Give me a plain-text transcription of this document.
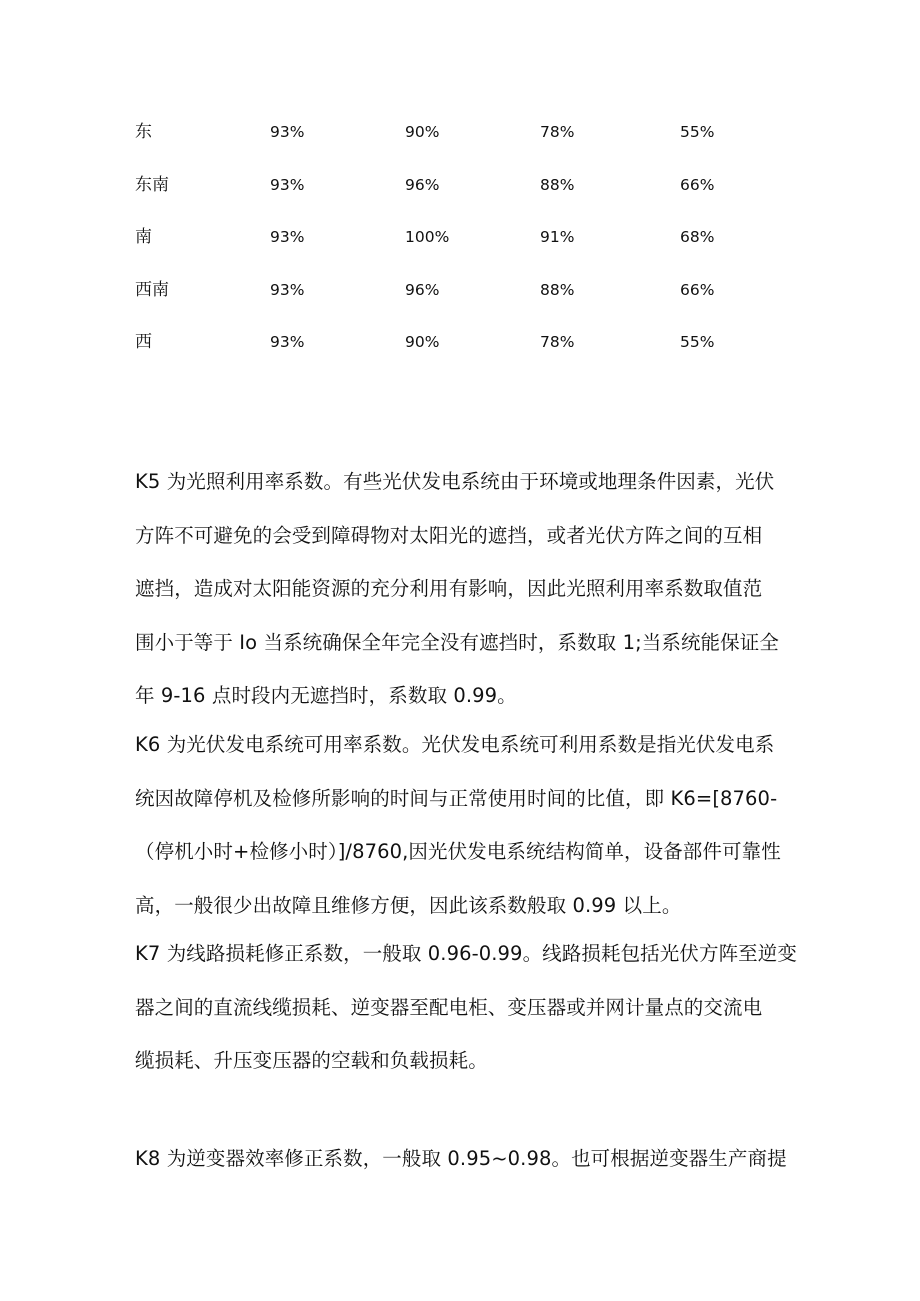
东	93%	90%	78%	55%
东南	93%	96%	88%	66%
南	93%	100%	91%	68%
西南	93%	96%	88%	66%
西	93%	90%	78%	55%
K5 为光照利用率系数。有些光伏发电系统由于环境或地理条件因素，光伏
方阵不可避免的会受到障碍物对太阳光的遮挡，或者光伏方阵之间的互相
遮挡，造成对太阳能资源的充分利用有影响，因此光照利用率系数取值范
围小于等于 Io 当系统确保全年完全没有遮挡时，系数取 1;当系统能保证全
年 9-16 点时段内无遮挡时，系数取 0.99。
K6 为光伏发电系统可用率系数。光伏发电系统可利用系数是指光伏发电系
统因故障停机及检修所影响的时间与正常使用时间的比值，即 K6=[8760-
（停机小时+检修小时）]/8760,因光伏发电系统结构简单，设备部件可靠性
高，一般很少出故障且维修方便，因此该系数般取 0.99 以上。
K7 为线路损耗修正系数，一般取 0.96-0.99。线路损耗包括光伏方阵至逆变
器之间的直流线缆损耗、逆变器至配电柜、变压器或并网计量点的交流电
缆损耗、升压变压器的空载和负载损耗。
K8 为逆变器效率修正系数，一般取 0.95~0.98。也可根据逆变器生产商提
